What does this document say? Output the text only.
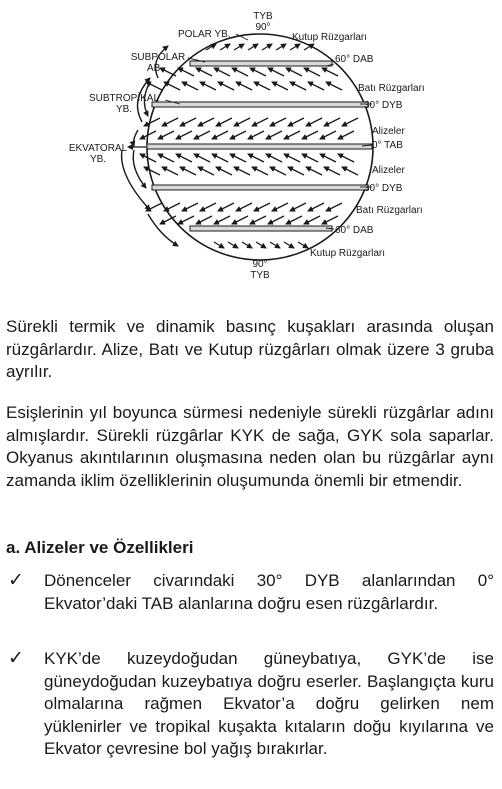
TYB
90°
POLAR YB.	Kutup Rüzgarları
SUBPOLAR
AB.
60° DAB
Batı Rüzgarları
SUBTROPİKAL
YB.	30° DYB
Alizeler
0° TAB
EKVATORAL
YB.
Alizeler
30° DYB
Batı Rüzgarları
60° DAB
Kutup Rüzgarları
90°
TYB

Sürekli termik ve dinamik basınç kuşakları arasında oluşan rüzgârlardır. Alize, Batı ve Kutup rüzgârları olmak üzere 3 gruba ayrılır.

Esişlerinin yıl boyunca sürmesi nedeniyle sürekli rüzgârlar adını almışlardır. Sürekli rüzgârlar KYK de sağa, GYK sola saparlar. Okyanus akıntılarının oluşmasına neden olan bu rüzgârlar aynı zamanda iklim özelliklerinin oluşumunda önemli bir etmendir.

a. Alizeler ve Özellikleri
✓ Dönenceler civarındaki 30° DYB alanlarından 0° Ekvator’daki TAB alanlarına doğru esen rüzgârlardır.

✓ KYK’de kuzeydoğudan güneybatıya, GYK’de ise güneydoğudan kuzeybatıya doğru eserler. Başlangıçta kuru olmalarına rağmen Ekvator’a doğru gelirken nem yüklenirler ve tropikal kuşakta kıtaların doğu kıyılarına ve Ekvator çevresine bol yağış bırakırlar.
